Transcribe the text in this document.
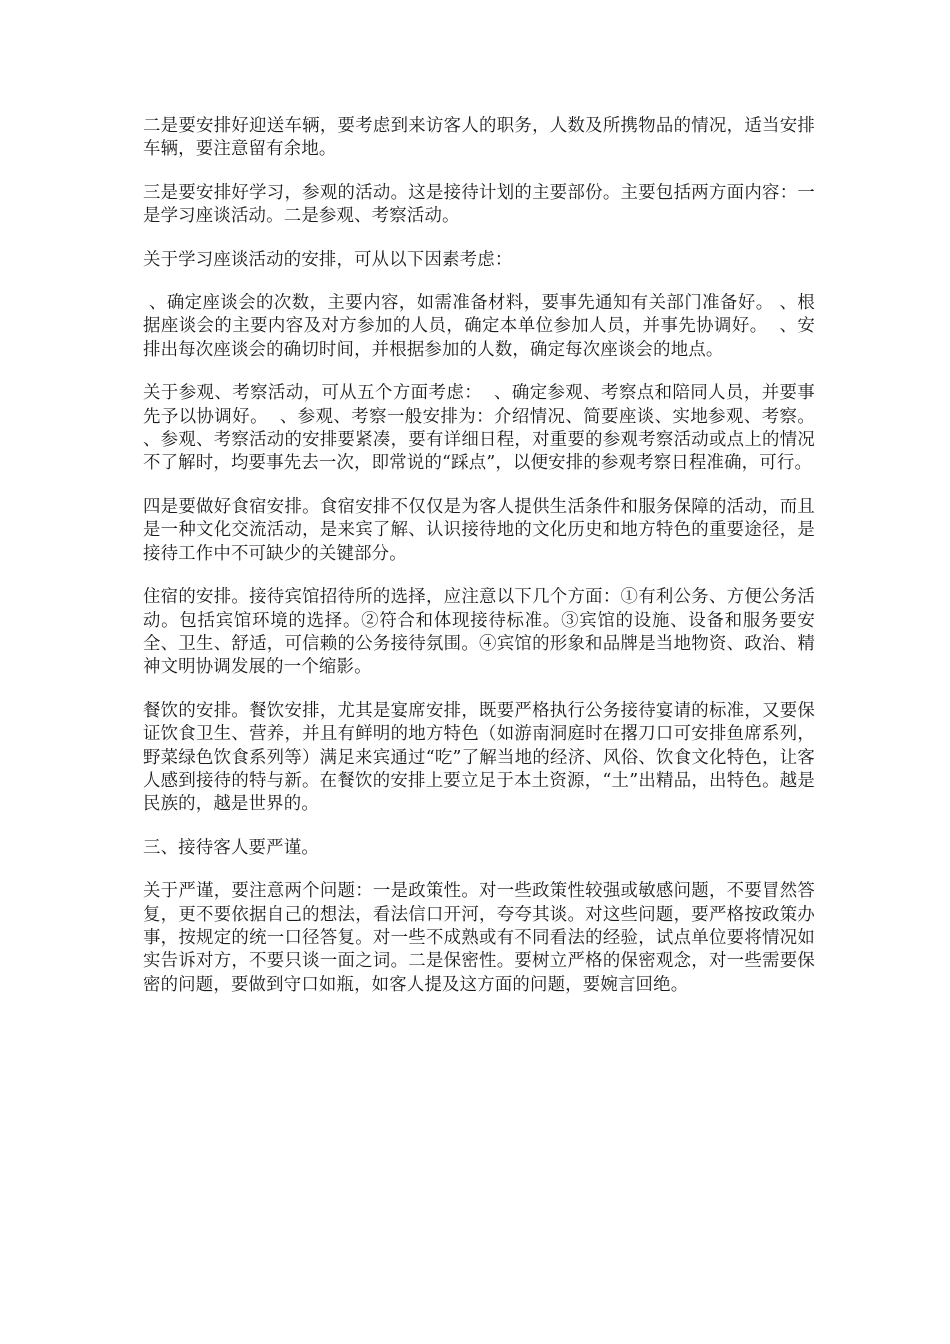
二是要安排好迎送车辆，要考虑到来访客人的职务，人数及所携物品的情况，适当安排车辆，要注意留有余地。

三是要安排好学习，参观的活动。这是接待计划的主要部份。主要包括两方面内容：一是学习座谈活动。二是参观、考察活动。

关于学习座谈活动的安排，可从以下因素考虑：

、确定座谈会的次数，主要内容，如需准备材料，要事先通知有关部门准备好。 、根据座谈会的主要内容及对方参加的人员，确定本单位参加人员，并事先协调好。  、安排出每次座谈会的确切时间，并根据参加的人数，确定每次座谈会的地点。

关于参观、考察活动，可从五个方面考虑：  、确定参观、考察点和陪同人员，并要事先予以协调好。  、参观、考察一般安排为：介绍情况、简要座谈、实地参观、考察。  、参观、考察活动的安排要紧凑，要有详细日程，对重要的参观考察活动或点上的情况不了解时，均要事先去一次，即常说的“踩点”，以便安排的参观考察日程准确，可行。

四是要做好食宿安排。食宿安排不仅仅是为客人提供生活条件和服务保障的活动，而且是一种文化交流活动，是来宾了解、认识接待地的文化历史和地方特色的重要途径，是接待工作中不可缺少的关键部分。

住宿的安排。接待宾馆招待所的选择，应注意以下几个方面：①有利公务、方便公务活动。包括宾馆环境的选择。②符合和体现接待标准。③宾馆的设施、设备和服务要安全、卫生、舒适，可信赖的公务接待氛围。④宾馆的形象和品牌是当地物资、政治、精神文明协调发展的一个缩影。

餐饮的安排。餐饮安排，尤其是宴席安排，既要严格执行公务接待宴请的标准，又要保证饮食卫生、营养，并且有鲜明的地方特色（如游南洞庭时在撂刀口可安排鱼席系列，野菜绿色饮食系列等）满足来宾通过“吃”了解当地的经济、风俗、饮食文化特色，让客人感到接待的特与新。在餐饮的安排上要立足于本土资源，“土”出精品，出特色。越是民族的，越是世界的。

三、接待客人要严谨。

关于严谨，要注意两个问题：一是政策性。对一些政策性较强或敏感问题，不要冒然答复，更不要依据自己的想法，看法信口开河，夸夸其谈。对这些问题，要严格按政策办事，按规定的统一口径答复。对一些不成熟或有不同看法的经验，试点单位要将情况如实告诉对方，不要只谈一面之词。二是保密性。要树立严格的保密观念，对一些需要保密的问题，要做到守口如瓶，如客人提及这方面的问题，要婉言回绝。
